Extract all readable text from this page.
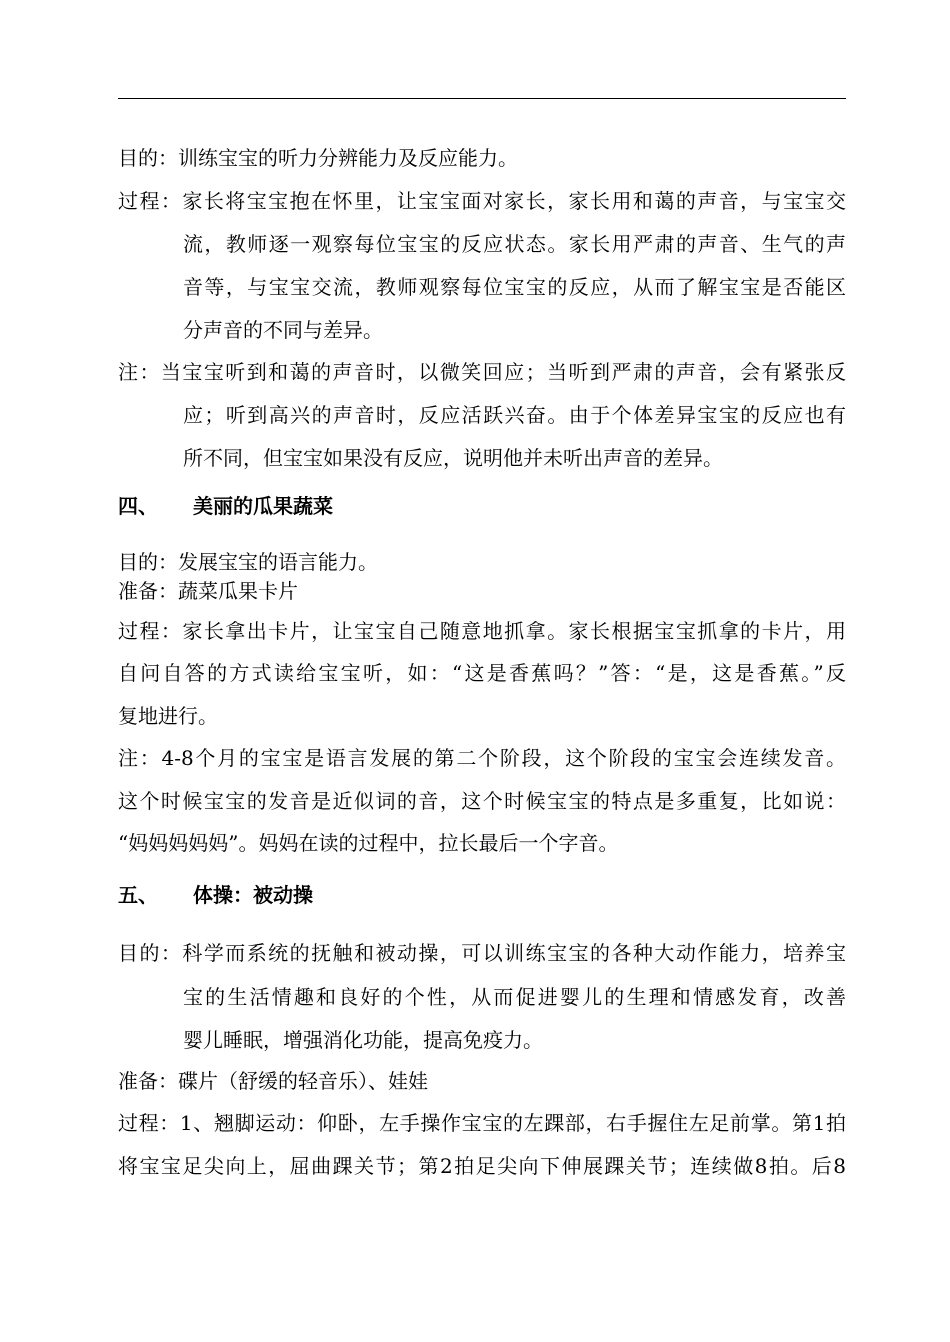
目的：训练宝宝的听力分辨能力及反应能力。
过程：家长将宝宝抱在怀里，让宝宝面对家长，家长用和蔼的声音，与宝宝交
流，教师逐一观察每位宝宝的反应状态。家长用严肃的声音、生气的声
音等，与宝宝交流，教师观察每位宝宝的反应，从而了解宝宝是否能区
分声音的不同与差异。
注：当宝宝听到和蔼的声音时，以微笑回应；当听到严肃的声音，会有紧张反
应；听到高兴的声音时，反应活跃兴奋。由于个体差异宝宝的反应也有
所不同，但宝宝如果没有反应，说明他并未听出声音的差异。
四、 美丽的瓜果蔬菜
目的：发展宝宝的语言能力。
准备：蔬菜瓜果卡片
过程：家长拿出卡片，让宝宝自己随意地抓拿。家长根据宝宝抓拿的卡片，用
自问自答的方式读给宝宝听，如：“这是香蕉吗？”答：“是，这是香蕉。”反
复地进行。
注：4-8个月的宝宝是语言发展的第二个阶段，这个阶段的宝宝会连续发音。
这个时候宝宝的发音是近似词的音，这个时候宝宝的特点是多重复，比如说：
“妈妈妈妈妈”。妈妈在读的过程中，拉长最后一个字音。
五、 体操：被动操
目的：科学而系统的抚触和被动操，可以训练宝宝的各种大动作能力，培养宝
宝的生活情趣和良好的个性，从而促进婴儿的生理和情感发育，改善
婴儿睡眠，增强消化功能，提高免疫力。
准备：碟片（舒缓的轻音乐）、娃娃
过程：1、翘脚运动：仰卧，左手操作宝宝的左踝部，右手握住左足前掌。第1拍
将宝宝足尖向上，屈曲踝关节；第2拍足尖向下伸展踝关节；连续做8拍。后8
